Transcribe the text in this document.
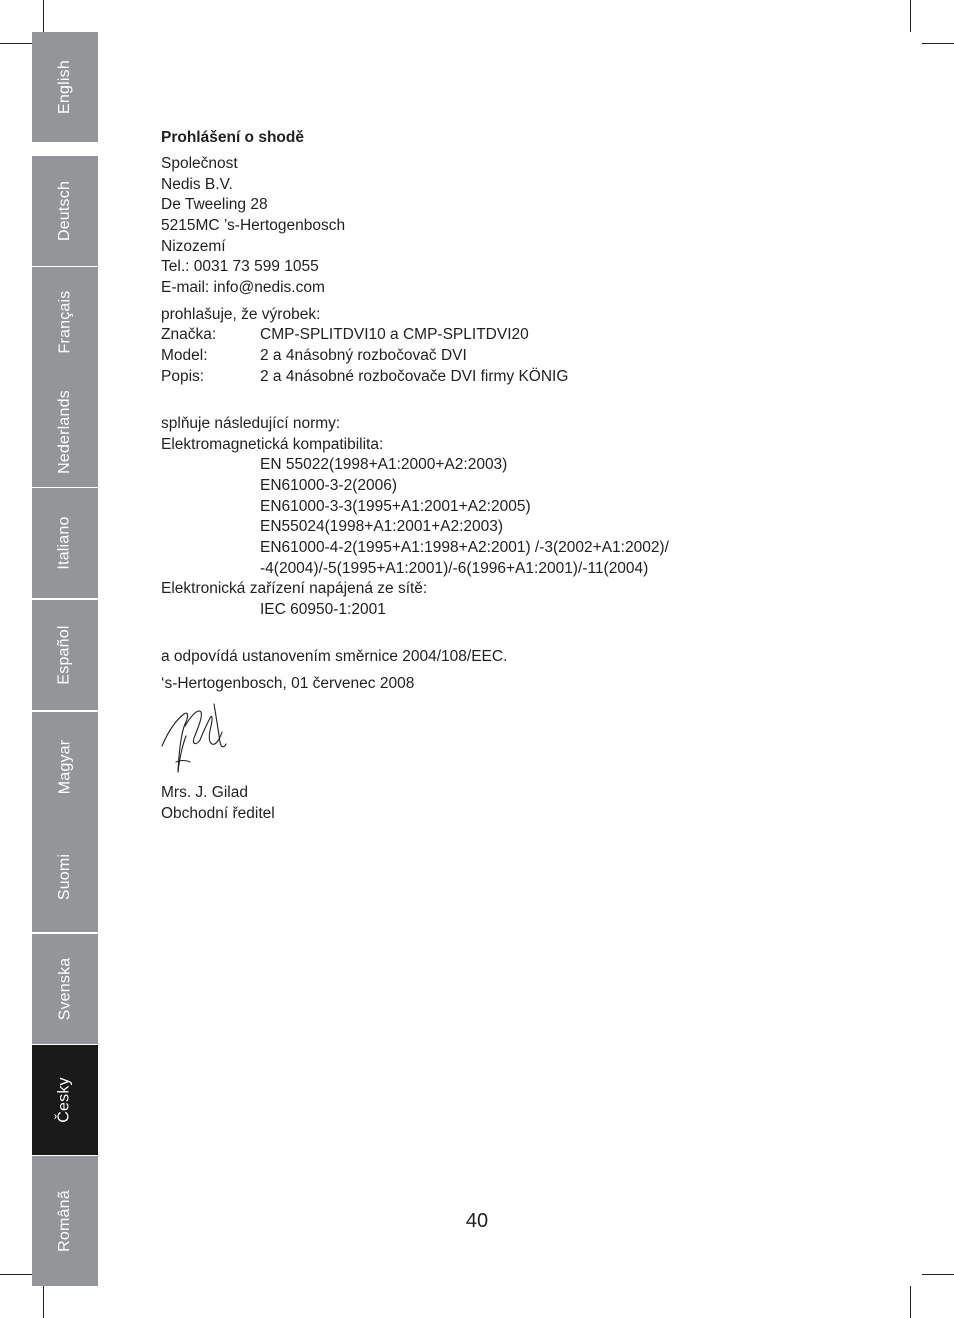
English
Deutsch
Français
Nederlands
Italiano
Español
Magyar
Suomi
Svenska
Česky
Românã
Prohlášení o shodě
Společnost
Nedis B.V.
De Tweeling 28
5215MC ’s-Hertogenbosch
Nizozemí
Tel.: 0031 73 599 1055
E-mail: info@nedis.com
prohlašuje, že výrobek:
Značka:	CMP-SPLITDVI10 a CMP-SPLITDVI20
Model:	2 a 4násobný rozbočovač DVI
Popis:	2 a 4násobné rozbočovače DVI firmy KÖNIG
splňuje následující normy:
Elektromagnetická kompatibilita:
EN 55022(1998+A1:2000+A2:2003)
EN61000-3-2(2006)
EN61000-3-3(1995+A1:2001+A2:2005)
EN55024(1998+A1:2001+A2:2003)
EN61000-4-2(1995+A1:1998+A2:2001) /-3(2002+A1:2002)/
-4(2004)/-5(1995+A1:2001)/-6(1996+A1:2001)/-11(2004)
Elektronická zařízení napájená ze sítě:
IEC 60950-1:2001
a odpovídá ustanovením směrnice 2004/108/EEC.
‘s-Hertogenbosch, 01 červenec 2008
Mrs. J. Gilad
Obchodní ředitel
40
